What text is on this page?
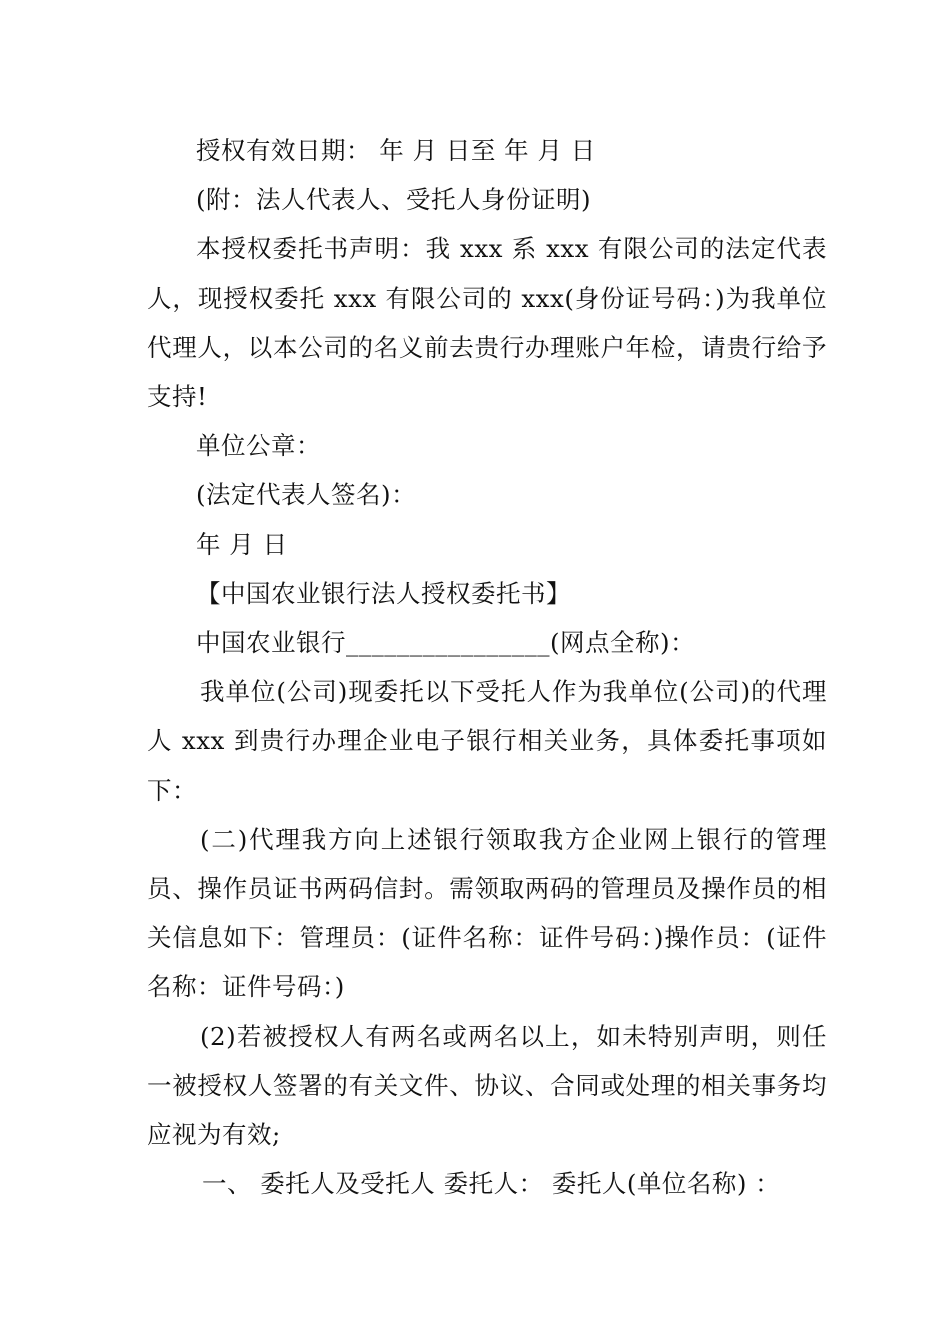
授权有效日期： 年 月 日至 年 月 日

(附：法人代表人、受托人身份证明)

本授权委托书声明：我 xxx 系 xxx 有限公司的法定代表人，现授权委托 xxx 有限公司的 xxx(身份证号码：)为我单位代理人，以本公司的名义前去贵行办理账户年检，请贵行给予支持!

单位公章：

(法定代表人签名)：

年 月 日

【中国农业银行法人授权委托书】

中国农业银行________________(网点全称)：

我单位(公司)现委托以下受托人作为我单位(公司)的代理人 xxx 到贵行办理企业电子银行相关业务，具体委托事项如下：

(二)代理我方向上述银行领取我方企业网上银行的管理员、操作员证书两码信封。需领取两码的管理员及操作员的相关信息如下：管理员：(证件名称：证件号码：)操作员：(证件名称：证件号码：)

(2)若被授权人有两名或两名以上，如未特别声明，则任一被授权人签署的有关文件、协议、合同或处理的相关事务均应视为有效;

一、 委托人及受托人 委托人： 委托人(单位名称) ：
